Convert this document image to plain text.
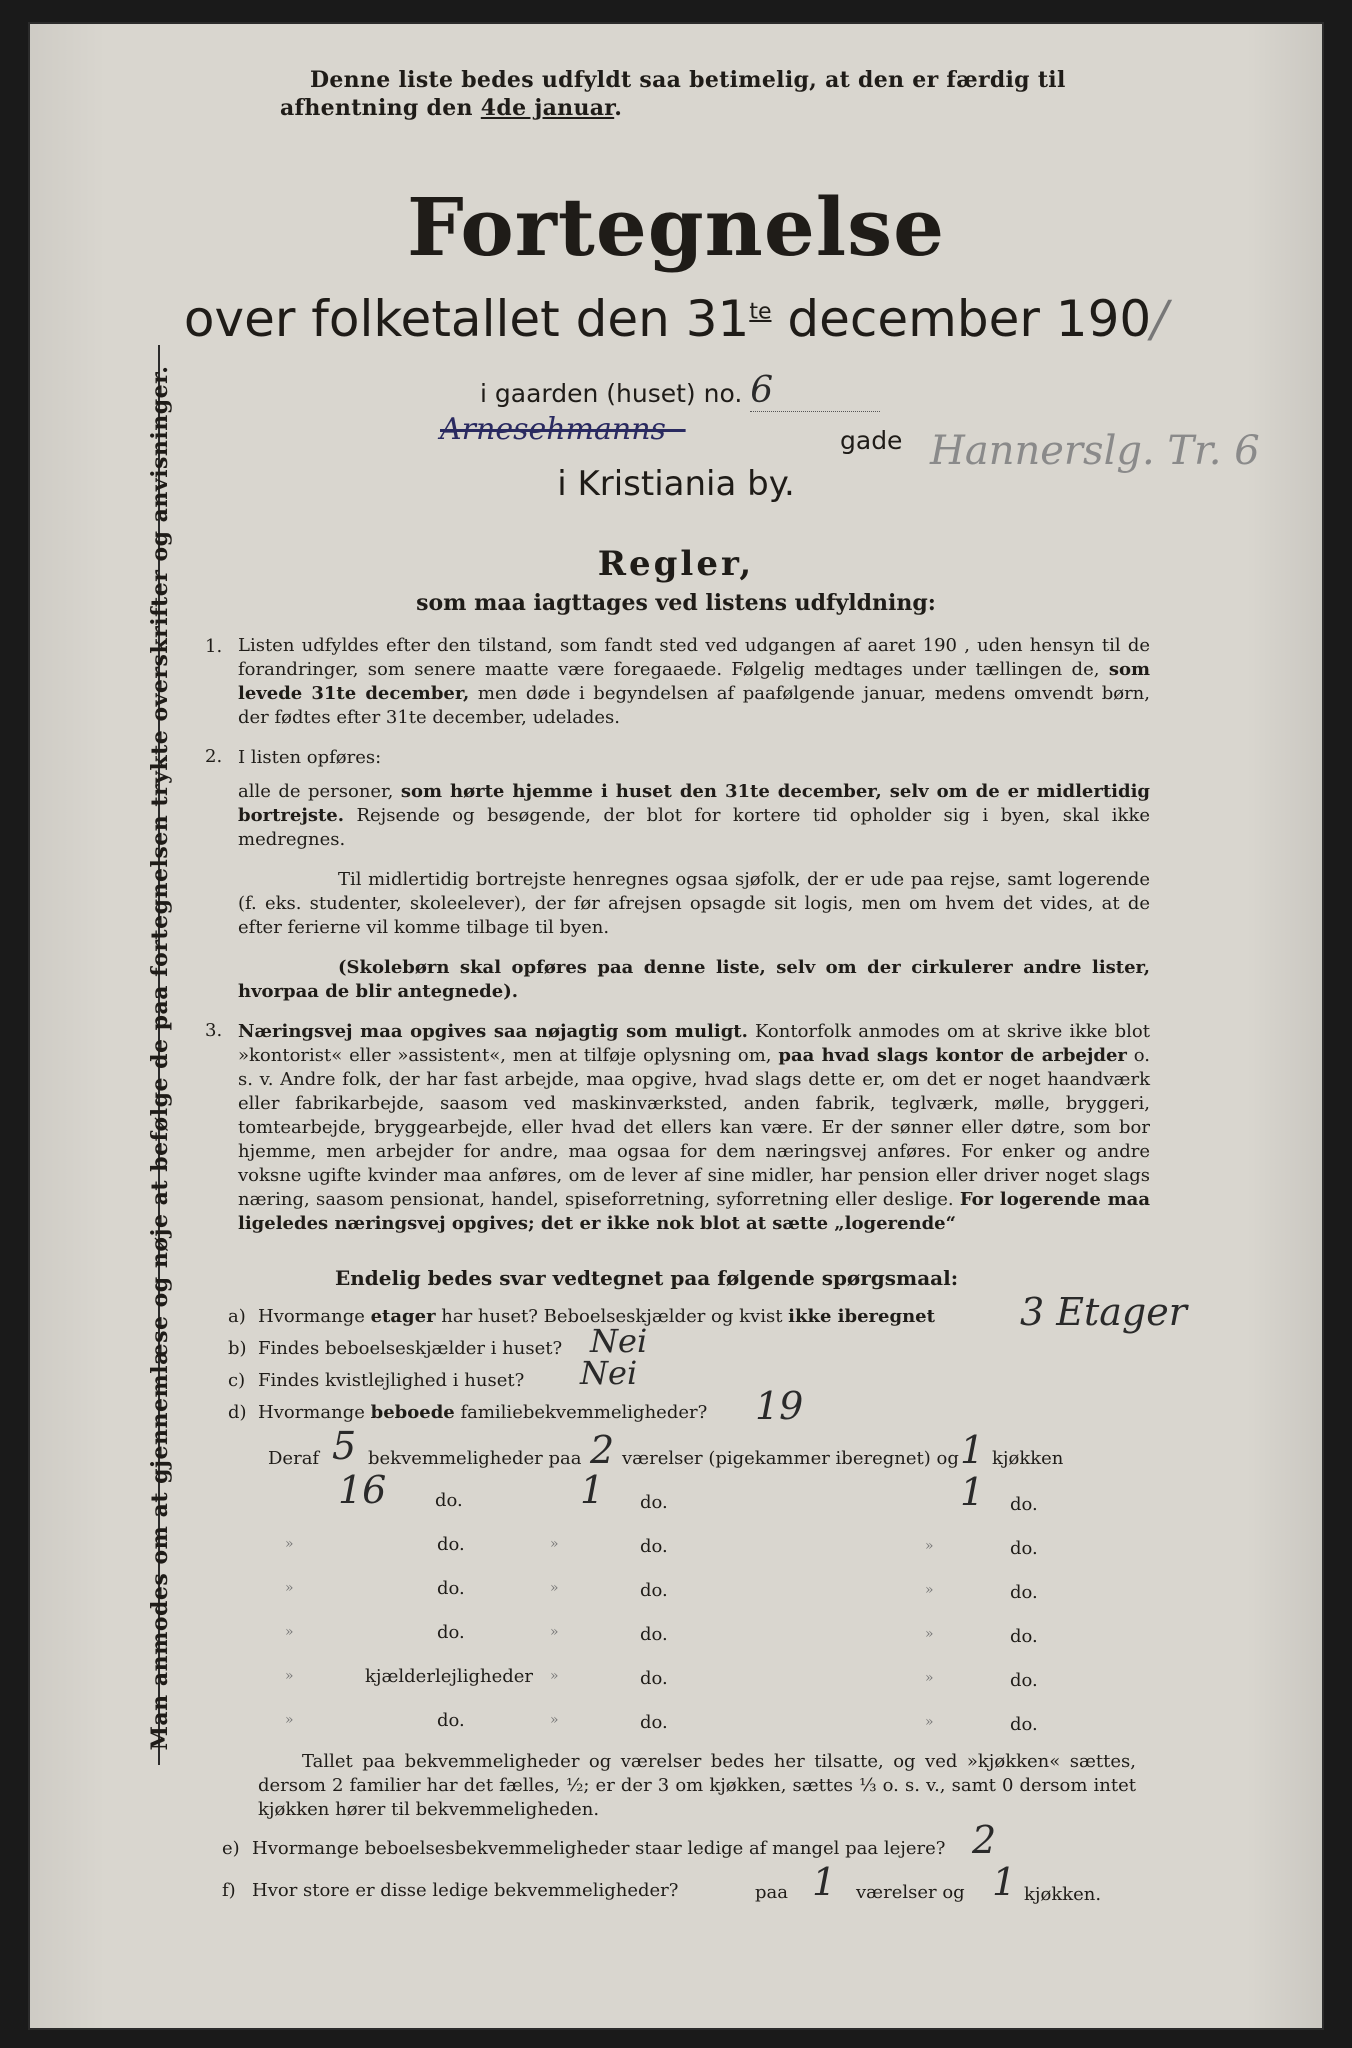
Man anmodes om at gjennemlæse og nøje at befølge de paa fortegnelsen trykte overskrifter og anvisninger.
Denne liste bedes udfyldt saa betimelig, at den er færdig til
afhentning den 4de januar.
Fortegnelse
over folketallet den $31^{te}$ december 190/
i gaarden (huset) no. 6
Arnesehmanns -	gade Hannerslg. Tr. 6
i Kristiania by.
Regler,
som maa iagttages ved listens udfyldning:
1. Listen udfyldes efter den tilstand, som fandt sted ved udgangen af aaret 190 , uden hensyn til de forandringer, som senere maatte være foregaaede. Følgelig medtages under tællingen de, som levede 31te december, men døde i begyndelsen af paafølgende januar, medens omvendt børn, der fødtes efter 31te december, udelades.
2. I listen opføres:
alle de personer, som hørte hjemme i huset den 31te december, selv om de er midlertidig bortrejste. Rejsende og besøgende, der blot for kortere tid opholder sig i byen, skal ikke medregnes.
Til midlertidig bortrejste henregnes ogsaa sjøfolk, der er ude paa rejse, samt logerende (f. eks. studenter, skoleelever), der før afrejsen opsagde sit logis, men om hvem det vides, at de efter ferierne vil komme tilbage til byen.
(Skolebørn skal opføres paa denne liste, selv om der cirkulerer andre lister, hvorpaa de blir antegnede).
3. Næringsvej maa opgives saa nøjagtig som muligt. Kontorfolk anmodes om at skrive ikke blot »kontorist« eller »assistent«, men at tilføje oplysning om, paa hvad slags kontor de arbejder o. s. v. Andre folk, der har fast arbejde, maa opgive, hvad slags dette er, om det er noget haandværk eller fabrikarbejde, saasom ved maskinværksted, anden fabrik, teglværk, mølle, bryggeri, tomtearbejde, bryggearbejde, eller hvad det ellers kan være. Er der sønner eller døtre, som bor hjemme, men arbejder for andre, maa ogsaa for dem næringsvej anføres. For enker og andre voksne ugifte kvinder maa anføres, om de lever af sine midler, har pension eller driver noget slags næring, saasom pensionat, handel, spiseforretning, syforretning eller deslige. For logerende maa ligeledes næringsvej opgives; det er ikke nok blot at sætte „logerende“
Endelig bedes svar vedtegnet paa følgende spørgsmaal:
a) Hvormange etager har huset? Beboelseskjælder og kvist ikke iberegnet 3 Etager
b) Findes beboelseskjælder i huset? Nei
c) Findes kvistlejlighed i huset? Nei
d) Hvormange beboede familiebekvemmeligheder? 19
Deraf 5 bekvemmeligheder paa 2 værelser (pigekammer iberegnet) og 1 kjøkken
16	do.	1 do.	1 do.
»	do.	»	do.	»	do.
»	do.	»	do.	»	do.
»	do.	»	do.	»	do.
»	kjælderlejligheder »	do.	»	do.
»	do.	»	do.	»	do.
Tallet paa bekvemmeligheder og værelser bedes her tilsatte, og ved »kjøkken« sættes, dersom 2 familier har det fælles, ½; er der 3 om kjøkken, sættes ⅓ o. s. v., samt 0 dersom intet kjøkken hører til bekvemmeligheden.
e) Hvormange beboelsesbekvemmeligheder staar ledige af mangel paa lejere? 2
f) Hvor store er disse ledige bekvemmeligheder?	paa 1 værelser og 1 kjøkken.
